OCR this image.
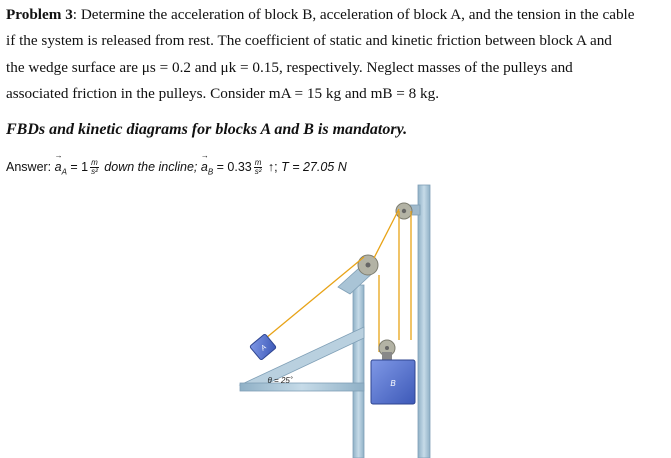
Problem 3: Determine the acceleration of block B, acceleration of block A, and the tension in the cable
if the system is released from rest. The coefficient of static and kinetic friction between block A and
the wedge surface are μs = 0.2 and μk = 0.15, respectively. Neglect masses of the pulleys and
associated friction in the pulleys. Consider mA = 15 kg and mB = 8 kg.
FBDs and kinetic diagrams for blocks A and B is mandatory.
Answer: → $a_A = 1 \frac{m}{\text{s²}}$ down the incline; → $a_B = 0.33 \frac{m}{\text{s²}}$ ↑; T = 27.05 N
B
A
θ = 25˚
